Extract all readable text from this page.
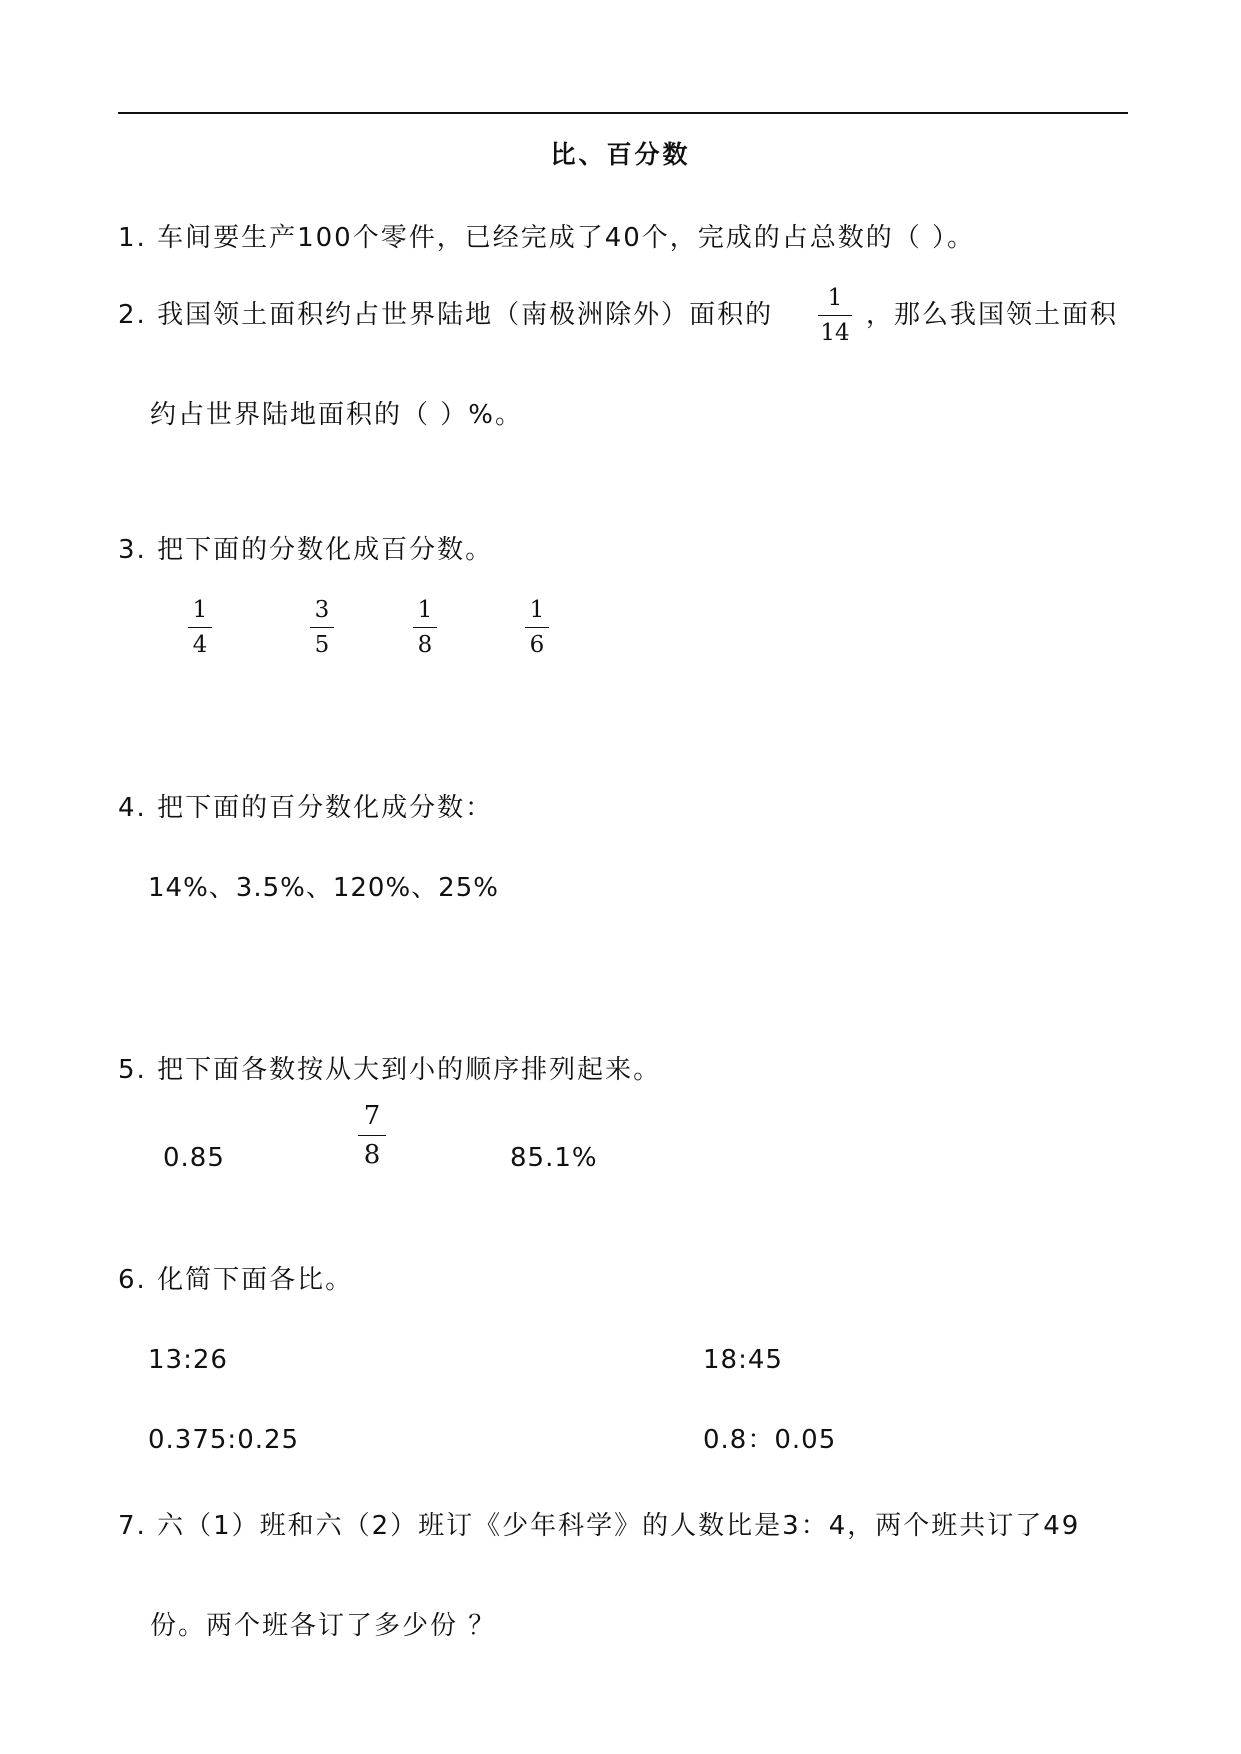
比、百分数
1. 车间要生产100个零件，已经完成了40个，完成的占总数的（ ）。
2. 我国领土面积约占世界陆地（南极洲除外）面积的
1
14
，那么我国领土面积
约占世界陆地面积的（ ）%。
3. 把下面的分数化成百分数。
1
4
3
5
1
8
1
6
4. 把下面的百分数化成分数：
14%、3.5%、120%、25%
5. 把下面各数按从大到小的顺序排列起来。
0.85
7
8	85.1%
6. 化简下面各比。
13:26	18:45
0.375:0.25	0.8：0.05
7. 六（1）班和六（2）班订《少年科学》的人数比是3：4，两个班共订了49
份。两个班各订了多少份 ？
